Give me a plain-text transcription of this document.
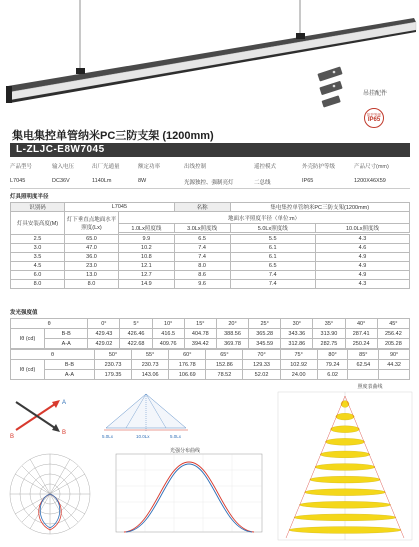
吊挂配件
防护等级
IP65
集电集控单管纳米PC三防支架 (1200mm)
L-ZLJC-E8W7045
产品型号	输入电压	出厂光通量	额定功率	出线控制	遥控模式	外壳防护等级	产品尺寸(mm)
L7045	DC36V	1140Lm	8W	光源独控、强制亮灯	二总线	IP65	1200X46X59
灯具照明度半径
识别码	L7045		名称	集电集控单管纳米PC三防支架(1200mm)	
灯具安装高度(M)	灯下垂直点地面水平照度(Lx)	地面水平照度半径（单位:m）			
		1.0Lx照度线	3.0Lx照度线	5.0Lx照度线	10.0Lx照度线

2.5	65.0	9.9	6.5	5.5	4.3
3.0	47.0	10.2	7.4	6.1	4.6
3.5	36.0	10.8	7.4	6.1	4.9
4.5	23.0	12.1	8.0	6.5	4.9
6.0	13.0	12.7	8.6	7.4	4.9
8.0	8.0	14.9	9.6	7.4	4.3
发光强度值
θ		0°	5°	10°	15°	20°	25°	30°	35°	40°	45°
Iθ (cd)	B-B	429.43	426.46	416.5	404.78	388.56	365.28	343.36	313.90	287.41	256.42
	A-A	429.02	422.68	409.76	394.42	369.78	345.59	312.86	282.75	250.24	205.28
θ		50°	55°	60°	65°	70°	75°	80°	85°	90°
Iθ (cd)	B-B	230.73	230.73	176.78	152.86	129.33	102.92	79.24	62.54	44.32
	A-A	179.35	143.06	106.69	78.52	52.02	24.00	6.02		
A
B
B	5.0Lx	10.0Lx	5.0Lx
光强分布曲线
照度表曲线
